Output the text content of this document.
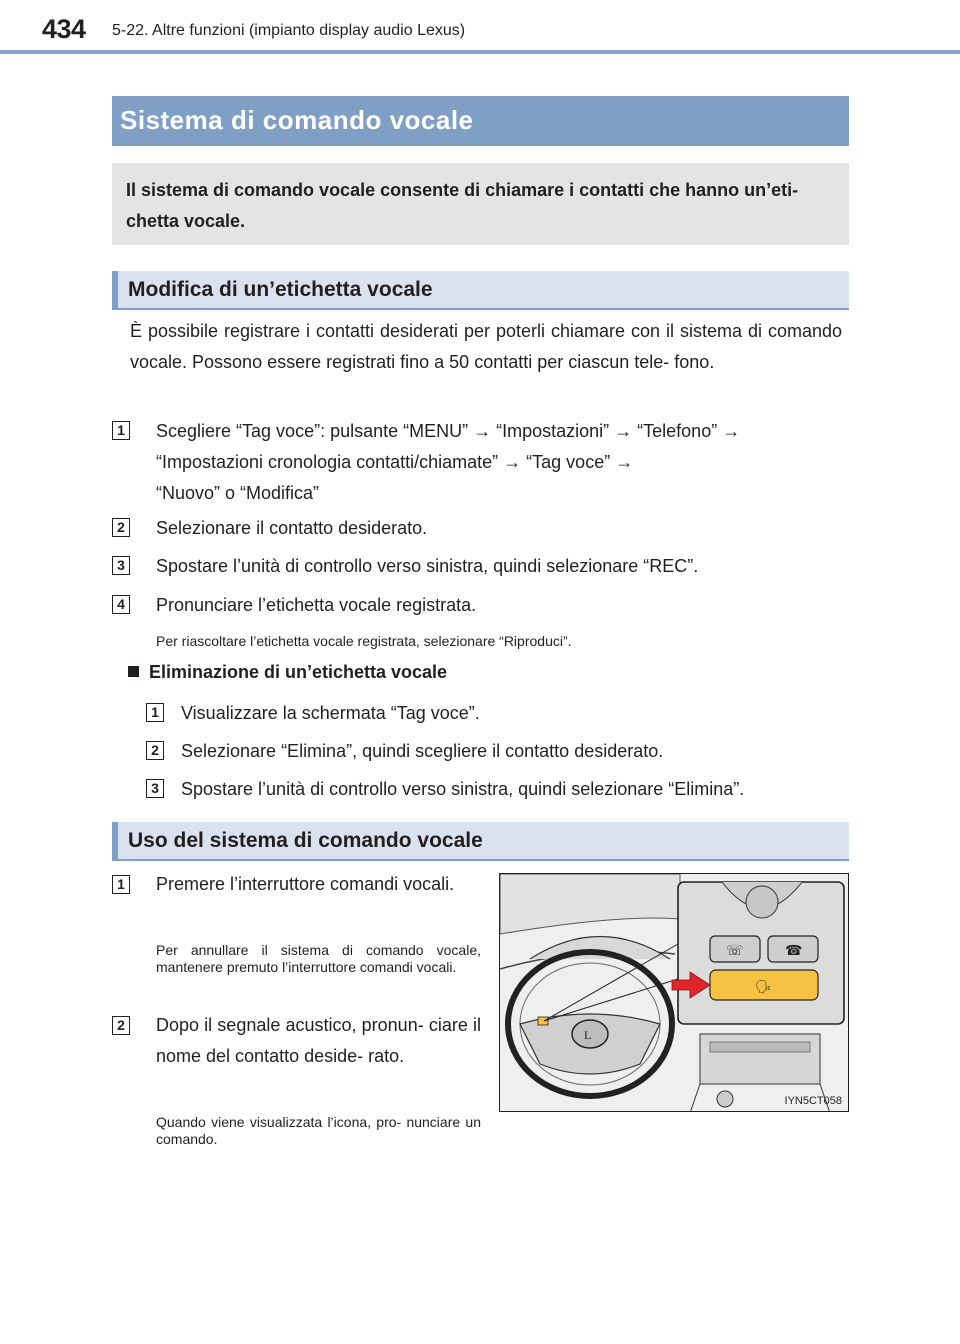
434 5-22. Altre funzioni (impianto display audio Lexus)
Sistema di comando vocale

Il sistema di comando vocale consente di chiamare i contatti che hanno un’eti- chetta vocale.

Modifica di un’etichetta vocale

È possibile registrare i contatti desiderati per poterli chiamare con il sistema di comando vocale. Possono essere registrati fino a 50 contatti per ciascun tele- fono.

1 Scegliere “Tag voce”: pulsante “MENU” → “Impostazioni” → “Telefono” →
“Impostazioni cronologia contatti/chiamate” → “Tag voce” →
“Nuovo” o “Modifica”
2 Selezionare il contatto desiderato.
3 Spostare l’unità di controllo verso sinistra, quindi selezionare “REC”.
4 Pronunciare l’etichetta vocale registrata.
Per riascoltare l’etichetta vocale registrata, selezionare “Riproduci”.
Eliminazione di un’etichetta vocale
1 Visualizzare la schermata “Tag voce”.
2 Selezionare “Elimina”, quindi scegliere il contatto desiderato.
3 Spostare l’unità di controllo verso sinistra, quindi selezionare “Elimina”.
Uso del sistema di comando vocale
1 Premere l’interruttore comandi vocali.
Per annullare il sistema di comando vocale, mantenere premuto l’interruttore comandi vocali.
2 Dopo il segnale acustico, pronun- ciare il nome del contatto deside- rato.
Quando viene visualizzata l’icona, pro- nunciare un comando.
L
☏	☎
🗣
IYN5CT058
